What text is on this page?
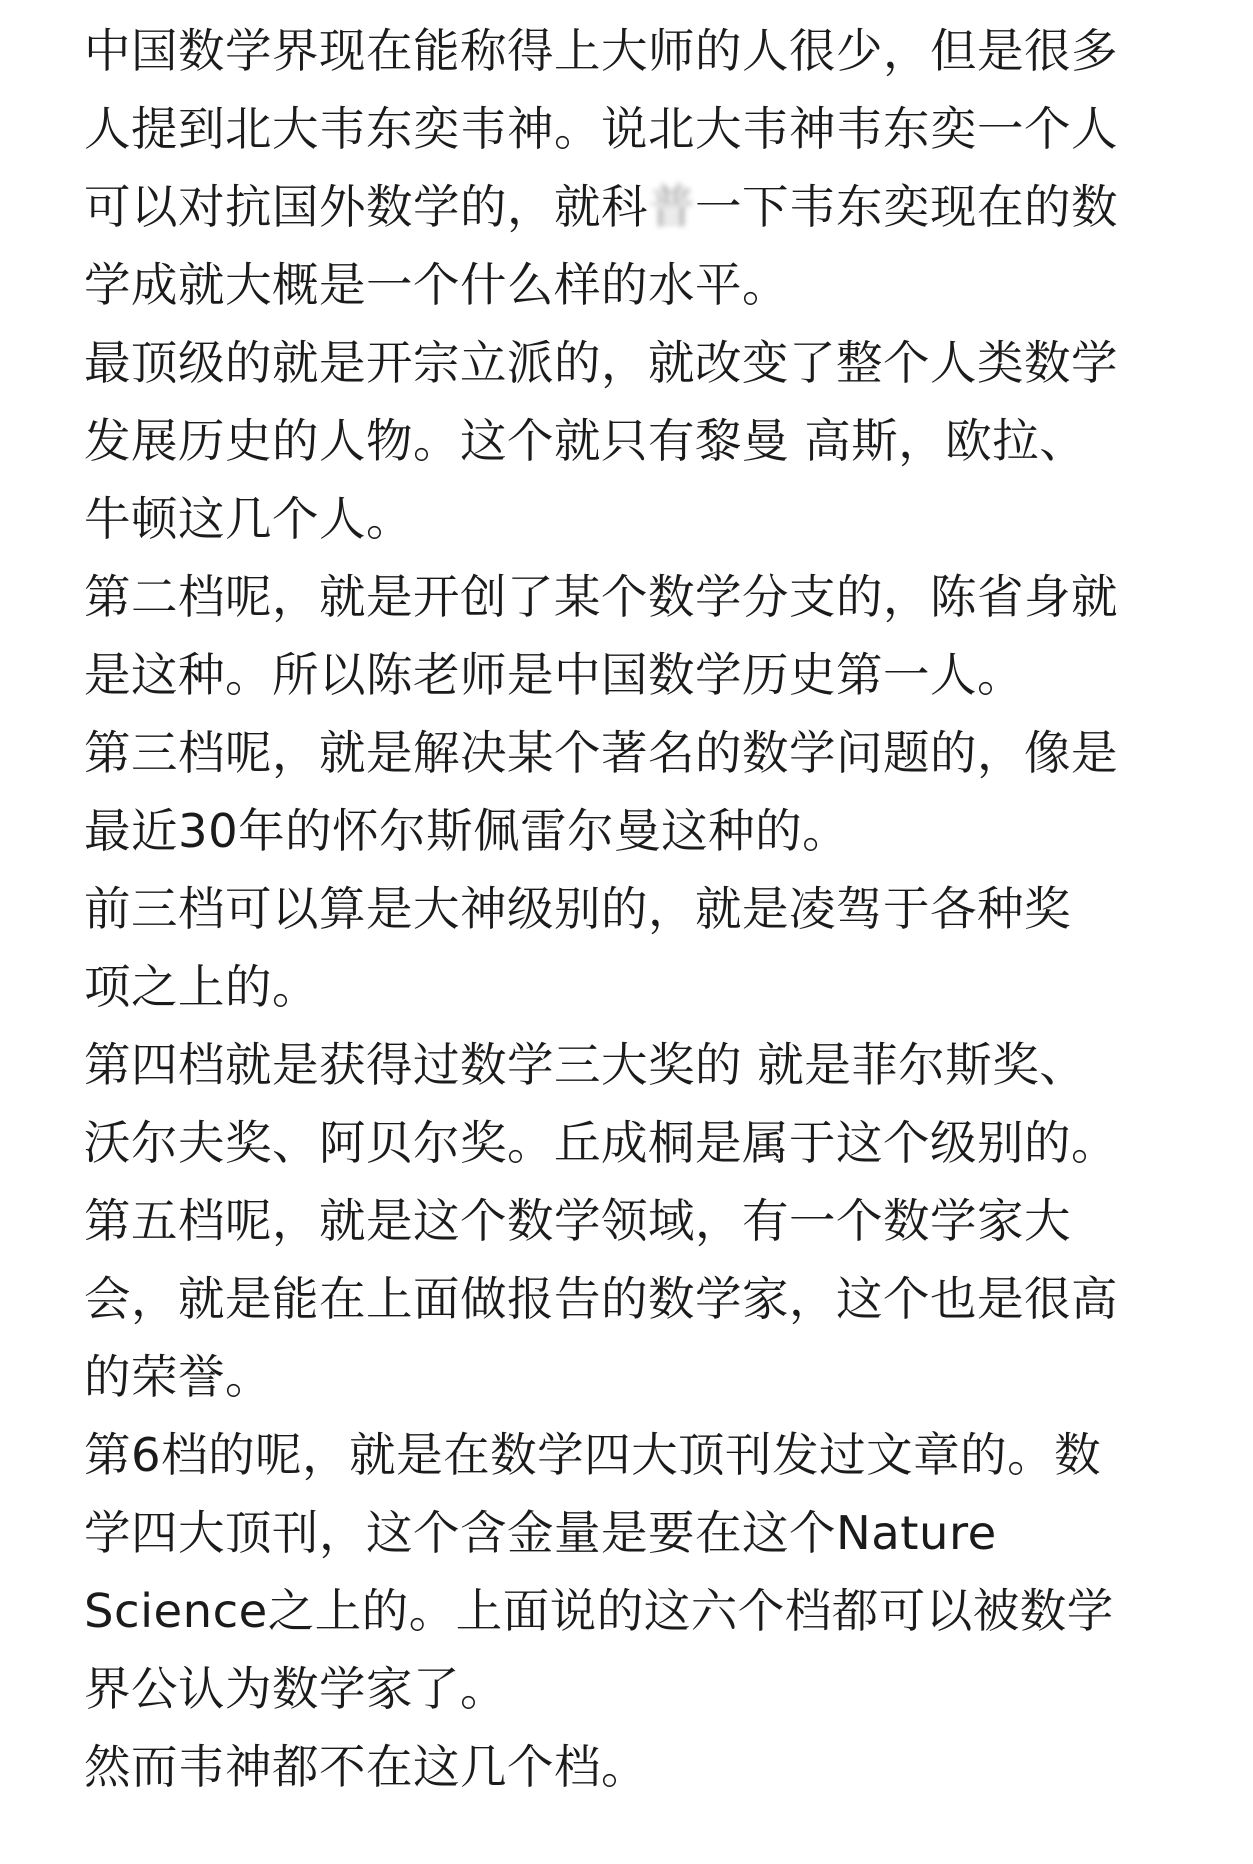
中国数学界现在能称得上大师的人很少，但是很多
人提到北大韦东奕韦神。说北大韦神韦东奕一个人
可以对抗国外数学的，就科普一下韦东奕现在的数
学成就大概是一个什么样的水平。

最顶级的就是开宗立派的，就改变了整个人类数学
发展历史的人物。这个就只有黎曼 高斯，欧拉、
牛顿这几个人。

第二档呢，就是开创了某个数学分支的，陈省身就
是这种。所以陈老师是中国数学历史第一人。

第三档呢，就是解决某个著名的数学问题的，像是
最近30年的怀尔斯佩雷尔曼这种的。

前三档可以算是大神级别的，就是凌驾于各种奖
项之上的。

第四档就是获得过数学三大奖的 就是菲尔斯奖、
沃尔夫奖、阿贝尔奖。丘成桐是属于这个级别的。

第五档呢，就是这个数学领域，有一个数学家大
会，就是能在上面做报告的数学家，这个也是很高
的荣誉。

第6档的呢，就是在数学四大顶刊发过文章的。数
学四大顶刊，这个含金量是要在这个Nature
Science之上的。上面说的这六个档都可以被数学
界公认为数学家了。

然而韦神都不在这几个档。
